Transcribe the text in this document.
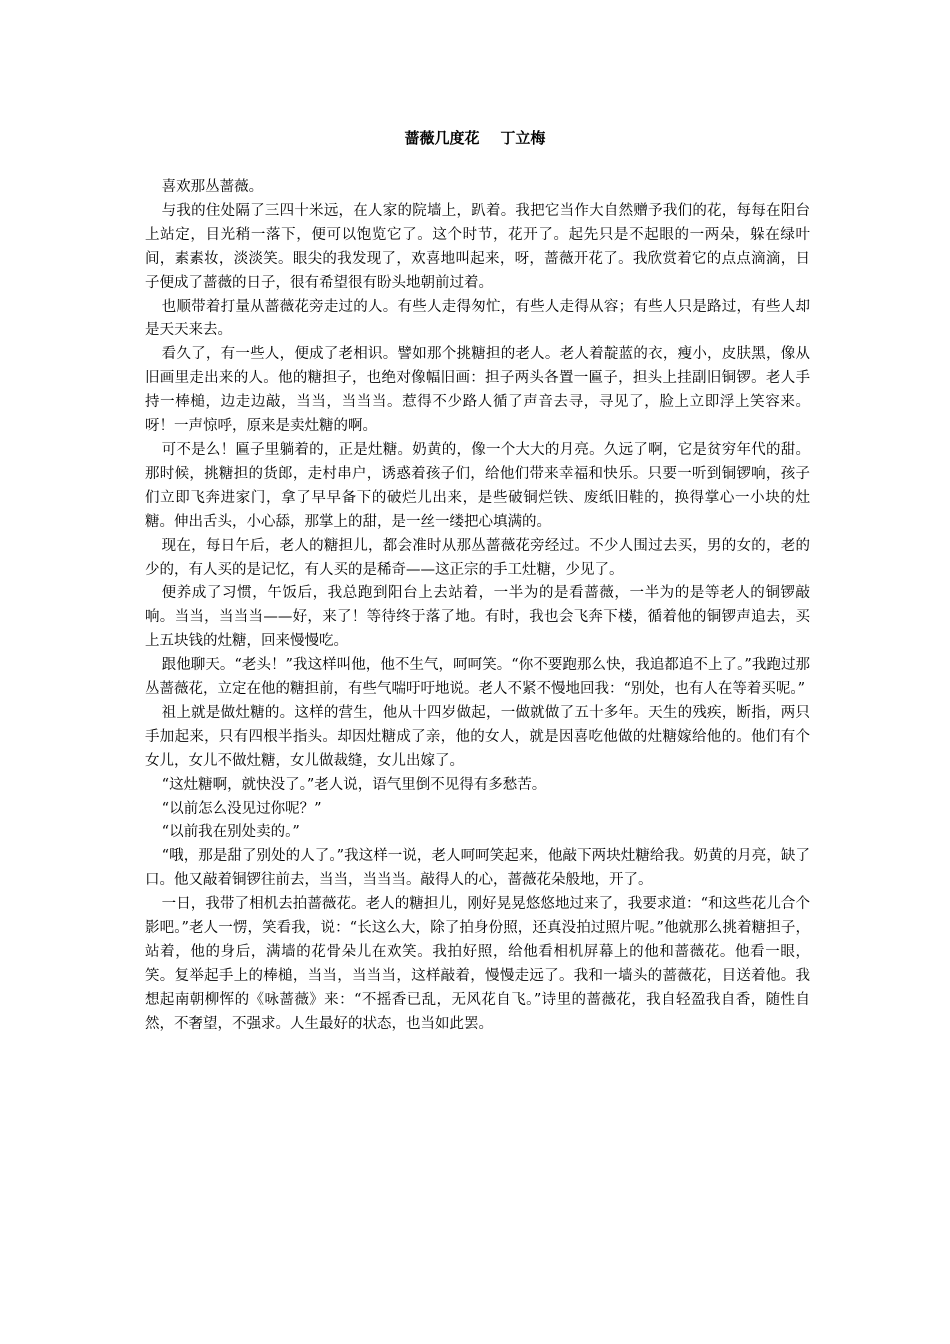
蔷薇几度花    丁立梅

喜欢那丛蔷薇。

与我的住处隔了三四十米远，在人家的院墙上，趴着。我把它当作大自然赠予我们的花，每每在阳台上站定，目光稍一落下，便可以饱览它了。这个时节，花开了。起先只是不起眼的一两朵，躲在绿叶间，素素妆，淡淡笑。眼尖的我发现了，欢喜地叫起来，呀，蔷薇开花了。我欣赏着它的点点滴滴，日子便成了蔷薇的日子，很有希望很有盼头地朝前过着。

也顺带着打量从蔷薇花旁走过的人。有些人走得匆忙，有些人走得从容；有些人只是路过，有些人却是天天来去。

看久了，有一些人，便成了老相识。譬如那个挑糖担的老人。老人着靛蓝的衣，瘦小，皮肤黑，像从旧画里走出来的人。他的糖担子，也绝对像幅旧画：担子两头各置一匾子，担头上挂副旧铜锣。老人手持一棒槌，边走边敲，当当，当当当。惹得不少路人循了声音去寻，寻见了，脸上立即浮上笑容来。呀！一声惊呼，原来是卖灶糖的啊。

可不是么！匾子里躺着的，正是灶糖。奶黄的，像一个大大的月亮。久远了啊，它是贫穷年代的甜。那时候，挑糖担的货郎，走村串户，诱惑着孩子们，给他们带来幸福和快乐。只要一听到铜锣响，孩子们立即飞奔进家门，拿了早早备下的破烂儿出来，是些破铜烂铁、废纸旧鞋的，换得掌心一小块的灶糖。伸出舌头，小心舔，那掌上的甜，是一丝一缕把心填满的。

现在，每日午后，老人的糖担儿，都会准时从那丛蔷薇花旁经过。不少人围过去买，男的女的，老的少的，有人买的是记忆，有人买的是稀奇——这正宗的手工灶糖，少见了。

便养成了习惯，午饭后，我总跑到阳台上去站着，一半为的是看蔷薇，一半为的是等老人的铜锣敲响。当当，当当当——好，来了！等待终于落了地。有时，我也会飞奔下楼，循着他的铜锣声追去，买上五块钱的灶糖，回来慢慢吃。

跟他聊天。“老头！”我这样叫他，他不生气，呵呵笑。“你不要跑那么快，我追都追不上了。”我跑过那丛蔷薇花，立定在他的糖担前，有些气喘吁吁地说。老人不紧不慢地回我：“别处，也有人在等着买呢。”

祖上就是做灶糖的。这样的营生，他从十四岁做起，一做就做了五十多年。天生的残疾，断指，两只手加起来，只有四根半指头。却因灶糖成了亲，他的女人，就是因喜吃他做的灶糖嫁给他的。他们有个女儿，女儿不做灶糖，女儿做裁缝，女儿出嫁了。

“这灶糖啊，就快没了。”老人说，语气里倒不见得有多愁苦。

“以前怎么没见过你呢？”

“以前我在别处卖的。”

“哦，那是甜了别处的人了。”我这样一说，老人呵呵笑起来，他敲下两块灶糖给我。奶黄的月亮，缺了口。他又敲着铜锣往前去，当当，当当当。敲得人的心，蔷薇花朵般地，开了。

一日，我带了相机去拍蔷薇花。老人的糖担儿，刚好晃晃悠悠地过来了，我要求道：“和这些花儿合个影吧。”老人一愣，笑看我，说：“长这么大，除了拍身份照，还真没拍过照片呢。”他就那么挑着糖担子，站着，他的身后，满墙的花骨朵儿在欢笑。我拍好照，给他看相机屏幕上的他和蔷薇花。他看一眼，笑。复举起手上的棒槌，当当，当当当，这样敲着，慢慢走远了。我和一墙头的蔷薇花，目送着他。我想起南朝柳恽的《咏蔷薇》来：“不摇香已乱，无风花自飞。”诗里的蔷薇花，我自轻盈我自香，随性自然，不奢望，不强求。人生最好的状态，也当如此罢。
